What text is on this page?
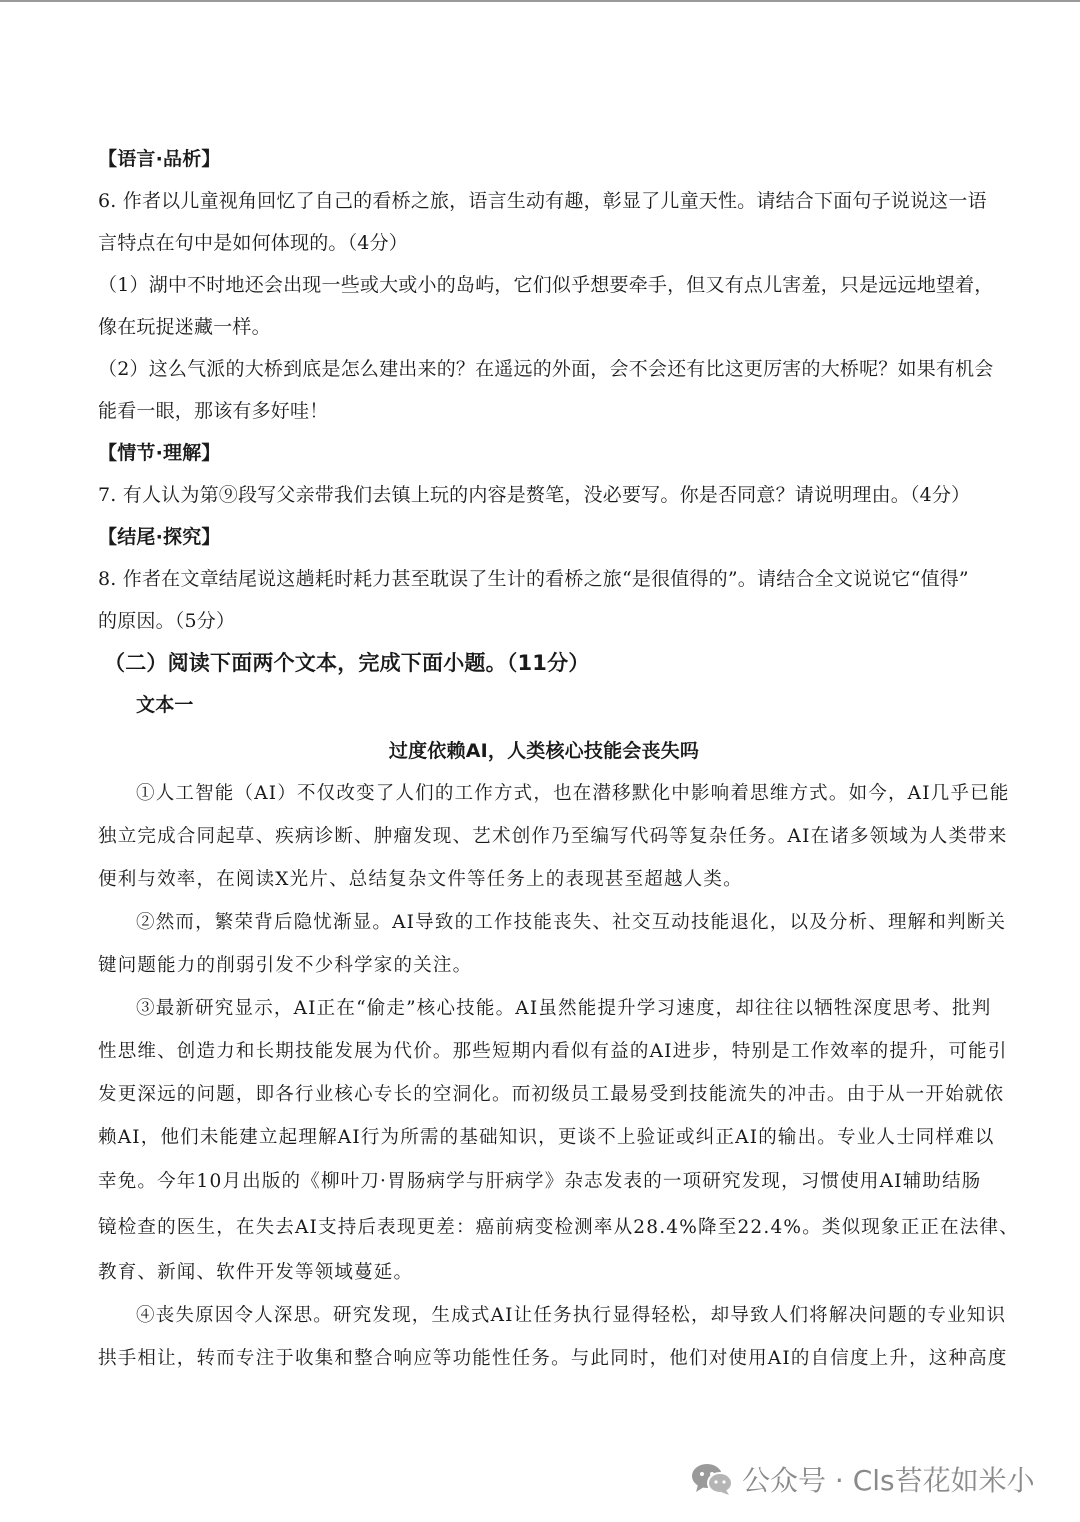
【语言·品析】

6. 作者以儿童视角回忆了自己的看桥之旅，语言生动有趣，彰显了儿童天性。请结合下面句子说说这一语

言特点在句中是如何体现的。（4分）

（1）湖中不时地还会出现一些或大或小的岛屿，它们似乎想要牵手，但又有点儿害羞，只是远远地望着，

像在玩捉迷藏一样。

（2）这么气派的大桥到底是怎么建出来的？在遥远的外面，会不会还有比这更厉害的大桥呢？如果有机会

能看一眼，那该有多好哇！

【情节·理解】

7. 有人认为第⑨段写父亲带我们去镇上玩的内容是赘笔，没必要写。你是否同意？请说明理由。（4分）

【结尾·探究】

8. 作者在文章结尾说这趟耗时耗力甚至耽误了生计的看桥之旅“是很值得的”。请结合全文说说它“值得”

的原因。（5分）

（二）阅读下面两个文本，完成下面小题。（11分）

文本一

过度依赖AI，人类核心技能会丧失吗

①人工智能（AI）不仅改变了人们的工作方式，也在潜移默化中影响着思维方式。如今，AI几乎已能

独立完成合同起草、疾病诊断、肿瘤发现、艺术创作乃至编写代码等复杂任务。AI在诸多领域为人类带来

便利与效率，在阅读X光片、总结复杂文件等任务上的表现甚至超越人类。

②然而，繁荣背后隐忧渐显。AI导致的工作技能丧失、社交互动技能退化，以及分析、理解和判断关

键问题能力的削弱引发不少科学家的关注。

③最新研究显示，AI正在“偷走”核心技能。AI虽然能提升学习速度，却往往以牺牲深度思考、批判

性思维、创造力和长期技能发展为代价。那些短期内看似有益的AI进步，特别是工作效率的提升，可能引

发更深远的问题，即各行业核心专长的空洞化。而初级员工最易受到技能流失的冲击。由于从一开始就依

赖AI，他们未能建立起理解AI行为所需的基础知识，更谈不上验证或纠正AI的输出。专业人士同样难以

幸免。今年10月出版的《柳叶刀·胃肠病学与肝病学》杂志发表的一项研究发现，习惯使用AI辅助结肠

镜检查的医生，在失去AI支持后表现更差：癌前病变检测率从28.4%降至22.4%。类似现象正正在法律、

教育、新闻、软件开发等领域蔓延。

④丧失原因令人深思。研究发现，生成式AI让任务执行显得轻松，却导致人们将解决问题的专业知识

拱手相让，转而专注于收集和整合响应等功能性任务。与此同时，他们对使用AI的自信度上升，这种高度

公众号 · Cls苔花如米小
